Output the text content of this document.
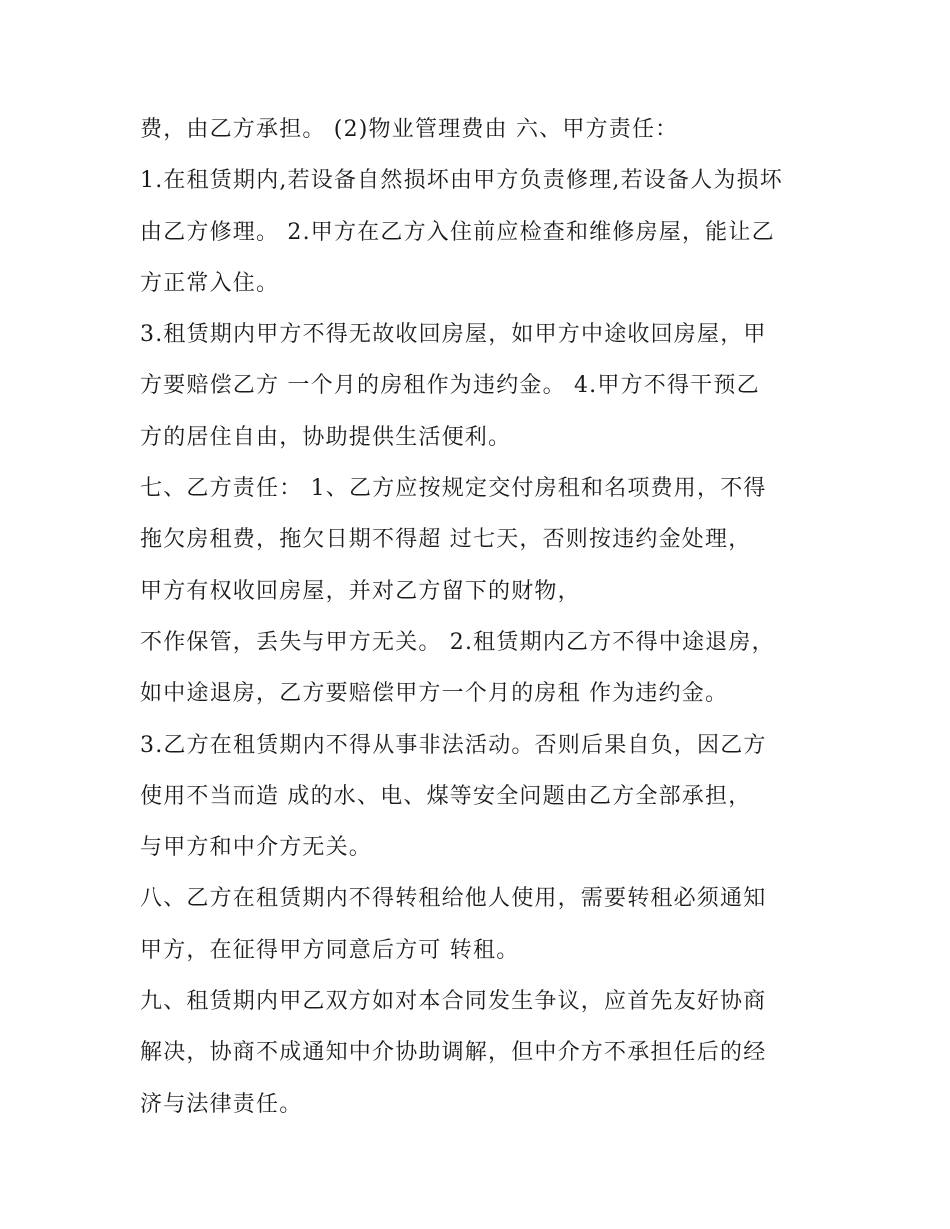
费，由乙方承担。 (2)物业管理费由 六、甲方责任：
1.在租赁期内,若设备自然损坏由甲方负责修理,若设备人为损坏
由乙方修理。 2.甲方在乙方入住前应检查和维修房屋，能让乙
方正常入住。
3.租赁期内甲方不得无故收回房屋，如甲方中途收回房屋，甲
方要赔偿乙方 一个月的房租作为违约金。 4.甲方不得干预乙
方的居住自由，协助提供生活便利。
七、乙方责任： 1、乙方应按规定交付房租和名项费用，不得
拖欠房租费，拖欠日期不得超 过七天，否则按违约金处理，
甲方有权收回房屋，并对乙方留下的财物，
不作保管，丢失与甲方无关。 2.租赁期内乙方不得中途退房，
如中途退房，乙方要赔偿甲方一个月的房租 作为违约金。
3.乙方在租赁期内不得从事非法活动。否则后果自负，因乙方
使用不当而造 成的水、电、煤等安全问题由乙方全部承担，
与甲方和中介方无关。
八、乙方在租赁期内不得转租给他人使用，需要转租必须通知
甲方，在征得甲方同意后方可 转租。
九、租赁期内甲乙双方如对本合同发生争议，应首先友好协商
解决，协商不成通知中介协助调解，但中介方不承担任后的经
济与法律责任。
